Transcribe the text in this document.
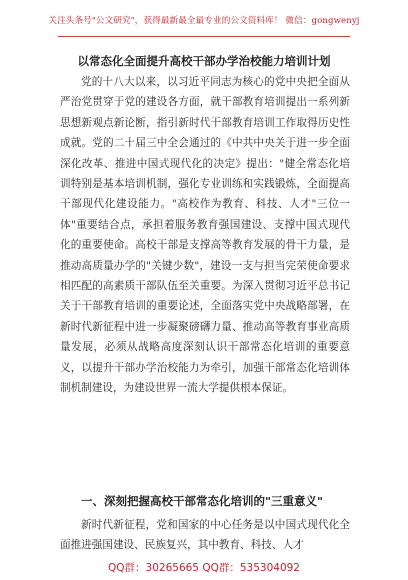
关注头条号"公文研究"，获得最新最全最专业的公文资料库！ 微信：gongwenyj
以常态化全面提升高校干部办学治校能力培训计划

党的十八大以来，以习近平同志为核心的党中央把全面从严治党贯穿于党的建设各方面，就干部教育培训提出一系列新思想新观点新论断，指引新时代干部教育培训工作取得历史性成就。党的二十届三中全会通过的《中共中央关于进一步全面深化改革、推进中国式现代化的决定》提出："健全常态化培训特别是基本培训机制，强化专业训练和实践锻炼，全面提高干部现代化建设能力。"高校作为教育、科技、人才"三位一体"重要结合点，承担着服务教育强国建设、支撑中国式现代化的重要使命。高校干部是支撑高等教育发展的骨干力量，是推动高质量办学的"关键少数"，建设一支与担当完荣使命要求相匹配的高素质干部队伍至关重要。为深入贯彻习近平总书记关于干部教育培训的重要论述，全面落实党中央战略部署，在新时代新征程中进一步凝聚磅礴力量、推动高等教育事业高质量发展，必须从战略高度深刻认识干部常态化培训的重要意义，以提升干部办学治校能力为牵引，加强干部常态化培训体制机制建设，为建设世界一流大学提供根本保证。

一、深刻把握高校干部常态化培训的"三重意义"

新时代新征程，党和国家的中心任务是以中国式现代化全面推进强国建设、民族复兴，其中教育、科技、人才

QQ群：30265665 QQ群：535304092
